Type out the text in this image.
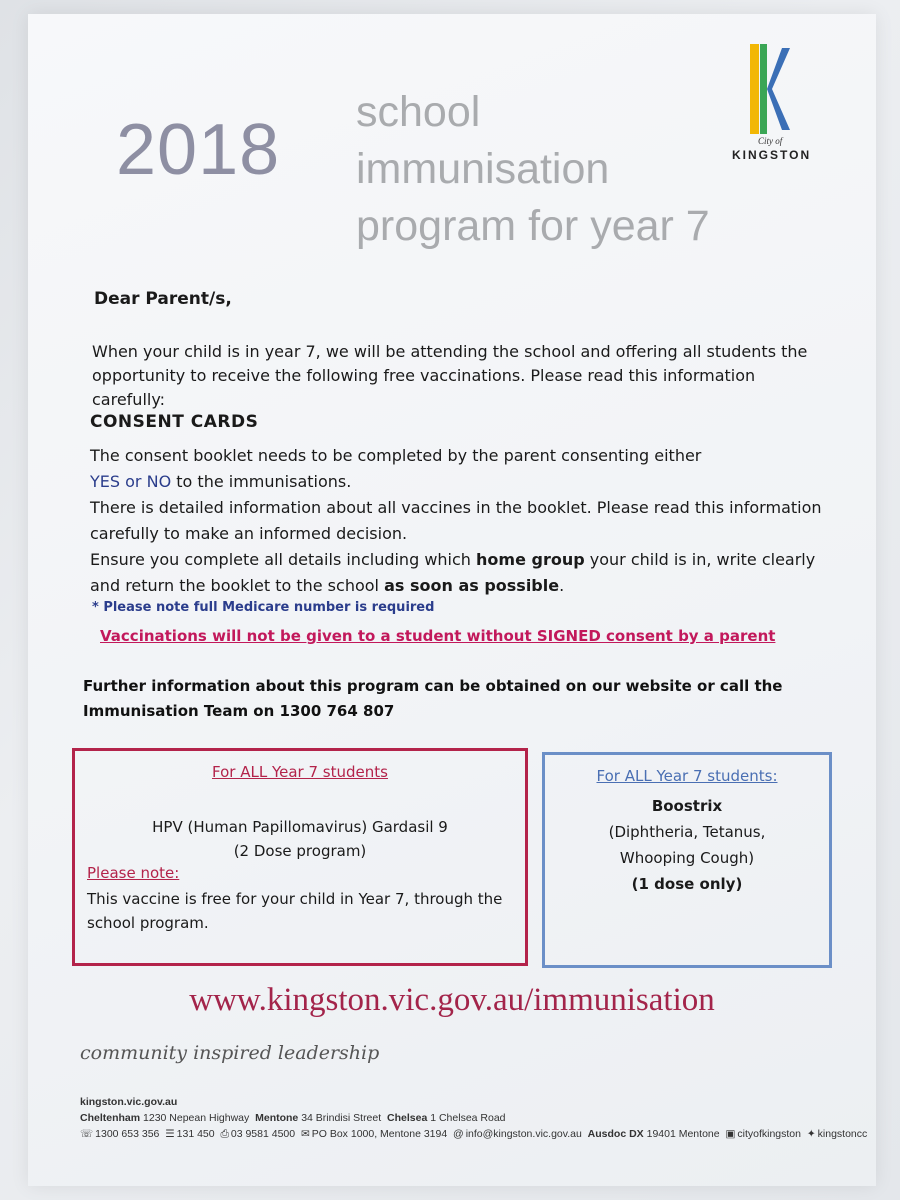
2018 school
immunisation
program for year 7
City of
KINGSTON
Dear Parent/s,
When your child is in year 7, we will be attending the school and offering all students the opportunity to receive the following free vaccinations. Please read this information carefully:
CONSENT CARDS
The consent booklet needs to be completed by the parent consenting either
YES or NO to the immunisations.
There is detailed information about all vaccines in the booklet. Please read this information carefully to make an informed decision.
Ensure you complete all details including which home group your child is in, write clearly and return the booklet to the school as soon as possible.
* Please note full Medicare number is required
Vaccinations will not be given to a student without SIGNED consent by a parent
Further information about this program can be obtained on our website or call the Immunisation Team on 1300 764 807
For ALL Year 7 students
HPV (Human Papillomavirus) Gardasil 9
(2 Dose program)
Please note:
This vaccine is free for your child in Year 7, through the school program.
For ALL Year 7 students:
Boostrix
(Diphtheria, Tetanus,
Whooping Cough)
(1 dose only)
www.kingston.vic.gov.au/immunisation
community inspired leadership
kingston.vic.gov.au
Cheltenham 1230 Nepean Highway Mentone 34 Brindisi Street Chelsea 1 Chelsea Road
☏ 1300 653 356 ☰ 131 450 ⎙ 03 9581 4500 ✉ PO Box 1000, Mentone 3194 @ info@kingston.vic.gov.au Ausdoc DX 19401 Mentone ▣ cityofkingston ✦ kingstoncc
